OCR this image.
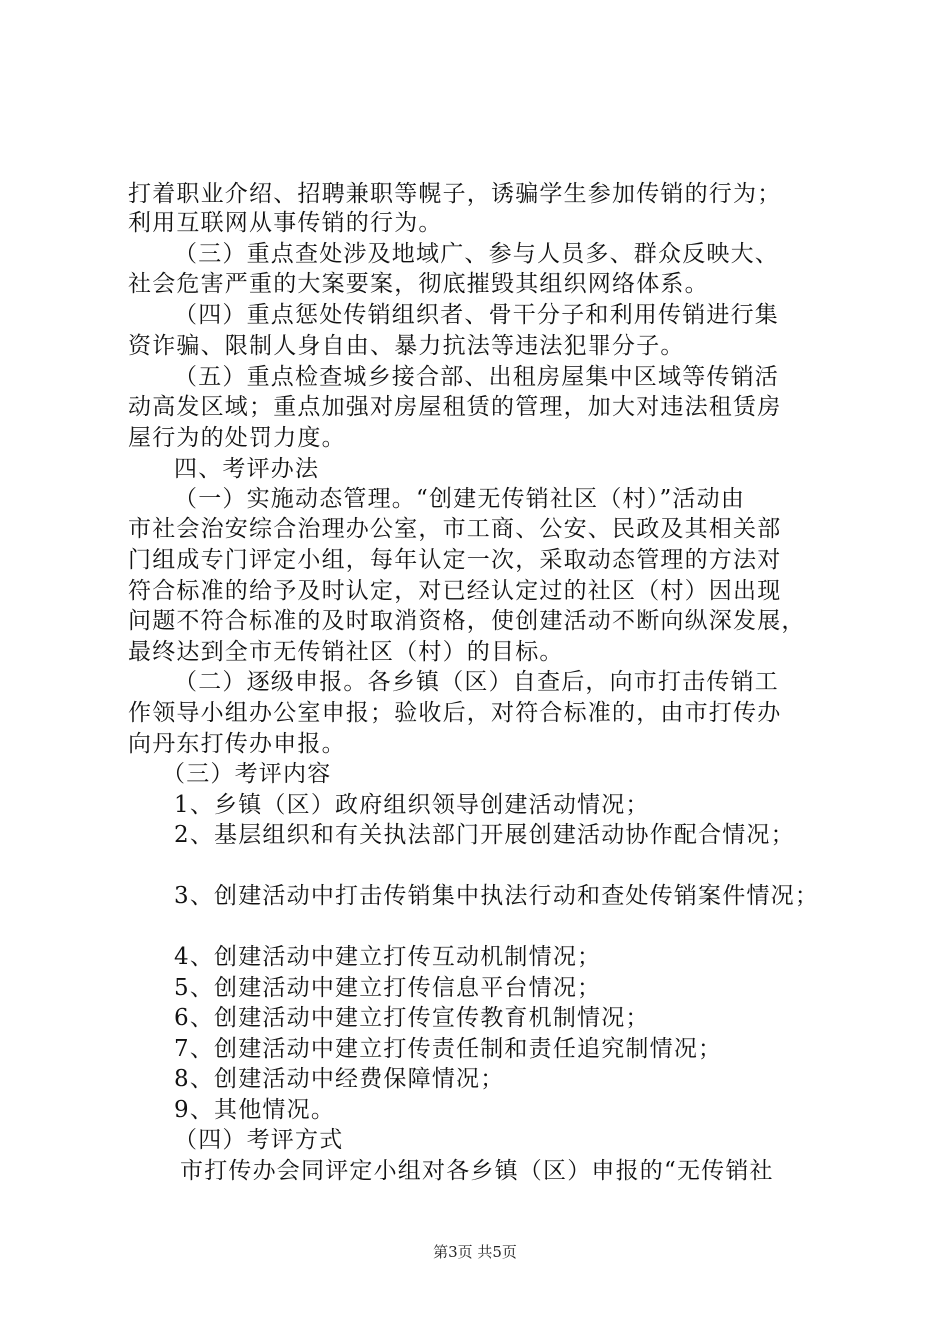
打着职业介绍、招聘兼职等幌子，诱骗学生参加传销的行为；
利用互联网从事传销的行为。
（三）重点查处涉及地域广、参与人员多、群众反映大、
社会危害严重的大案要案，彻底摧毁其组织网络体系。
（四）重点惩处传销组织者、骨干分子和利用传销进行集
资诈骗、限制人身自由、暴力抗法等违法犯罪分子。
（五）重点检查城乡接合部、出租房屋集中区域等传销活
动高发区域；重点加强对房屋租赁的管理，加大对违法租赁房
屋行为的处罚力度。
四、考评办法
（一）实施动态管理。“创建无传销社区（村）”活动由
市社会治安综合治理办公室，市工商、公安、民政及其相关部
门组成专门评定小组，每年认定一次，采取动态管理的方法对
符合标准的给予及时认定，对已经认定过的社区（村）因出现
问题不符合标准的及时取消资格，使创建活动不断向纵深发展，
最终达到全市无传销社区（村）的目标。
（二）逐级申报。各乡镇（区）自查后，向市打击传销工
作领导小组办公室申报；验收后，对符合标准的，由市打传办
向丹东打传办申报。
（三）考评内容
1、乡镇（区）政府组织领导创建活动情况；
2、基层组织和有关执法部门开展创建活动协作配合情况；
3、创建活动中打击传销集中执法行动和查处传销案件情况；
4、创建活动中建立打传互动机制情况；
5、创建活动中建立打传信息平台情况；
6、创建活动中建立打传宣传教育机制情况；
7、创建活动中建立打传责任制和责任追究制情况；
8、创建活动中经费保障情况；
9、其他情况。
（四）考评方式
市打传办会同评定小组对各乡镇（区）申报的“无传销社
第3页 共5页
